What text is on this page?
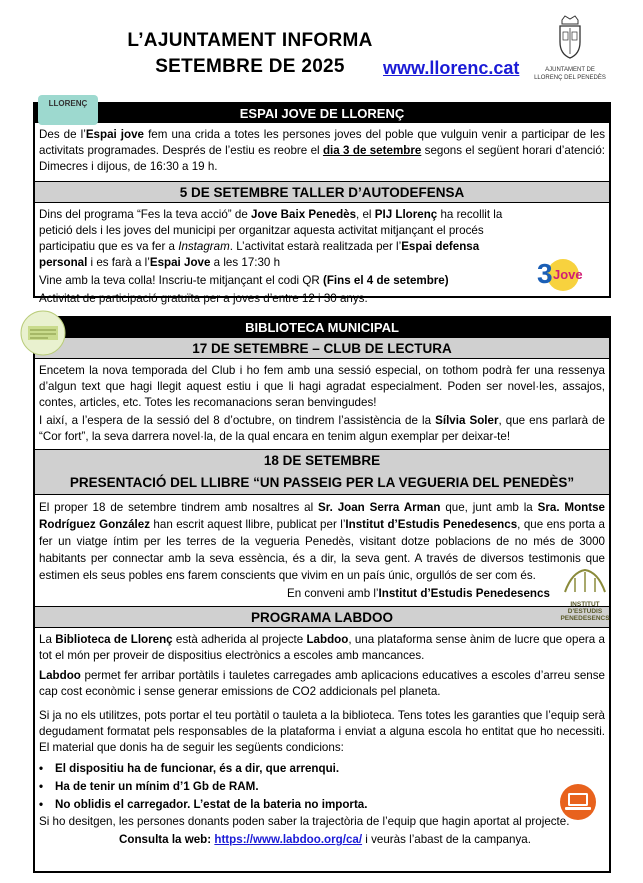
L’AJUNTAMENT INFORMA
SETEMBRE DE 2025	www.llorenc.cat	AJUNTAMENT DE
LLORENÇ DEL PENEDÈS
ESPAI JOVE DE LLORENÇ
Des de l’Espai jove fem una crida a totes les persones joves del poble que vulguin venir a participar de les activitats programades. Després de l’estiu es reobre el dia 3 de setembre segons el següent horari d’atenció: Dimecres i dijous, de 16:30 a 19 h.
5 DE SETEMBRE TALLER D’AUTODEFENSA
Dins del programa “Fes la teva acció” de Jove Baix Penedès, el PIJ Llorenç ha recollit la petició dels i les joves del municipi per organitzar aquesta activitat mitjançant el procés participatiu que es va fer a Instagram. L’activitat estarà realitzada per l’Espai defensa personal i es farà a l’Espai Jove a les 17:30 h
Vine amb la teva colla! Inscriu-te mitjançant el codi QR (Fins el 4 de setembre)
Activitat de participació gratuïta per a joves d’entre 12 i 30 anys.
LLORENÇ
3 Jove
BIBLIOTECA MUNICIPAL
17 DE SETEMBRE – CLUB DE LECTURA
Encetem la nova temporada del Club i ho fem amb una sessió especial, on tothom podrà fer una ressenya d’algun text que hagi llegit aquest estiu i que li hagi agradat especialment. Poden ser novel·les, assajos, contes, articles, etc. Totes les recomanacions seran benvingudes!
I així, a l’espera de la sessió del 8 d’octubre, on tindrem l’assistència de la Sílvia Soler, que ens parlarà de “Cor fort”, la seva darrera novel·la, de la qual encara en tenim algun exemplar per deixar-te!
18 DE SETEMBRE
PRESENTACIÓ DEL LLIBRE “UN PASSEIG PER LA VEGUERIA DEL PENEDÈS”
El proper 18 de setembre tindrem amb nosaltres al Sr. Joan Serra Arman que, junt amb la Sra. Montse Rodríguez González han escrit aquest llibre, publicat per l’Institut d’Estudis Penedesencs, que ens porta a fer un viatge íntim per les terres de la vegueria Penedès, visitant dotze poblacions de no més de 3000 habitants per connectar amb la seva essència, és a dir, la seva gent. A través de diversos testimonis que estimen els seus pobles ens farem conscients que vivim en un país únic, orgullós de ser com és.
En conveni amb l’Institut d’Estudis Penedesencs
PROGRAMA LABDOO
La Biblioteca de Llorenç està adherida al projecte Labdoo, una plataforma sense ànim de lucre que opera a tot el món per proveir de dispositius electrònics a escoles amb mancances.
Labdoo permet fer arribar portàtils i tauletes carregades amb aplicacions educatives a escoles d’arreu sense cap cost econòmic i sense generar emissions de CO2 addicionals pel planeta.
Si ja no els utilitzes, pots portar el teu portàtil o tauleta a la biblioteca. Tens totes les garanties que l’equip serà degudament formatat pels responsables de la plataforma i enviat a alguna escola ho entitat que ho necessiti. El material que donis ha de seguir les següents condicions:
• El dispositiu ha de funcionar, és a dir, que arrenqui.
• Ha de tenir un mínim d’1 Gb de RAM.
• No oblidis el carregador. L’estat de la bateria no importa.
Si ho desitgen, les persones donants poden saber la trajectòria de l’equip que hagin aportat al projecte.
Consulta la web: https://www.labdoo.org/ca/ i veuràs l’abast de la campanya.
INSTITUT
D'ESTUDIS
PENEDESENCS
